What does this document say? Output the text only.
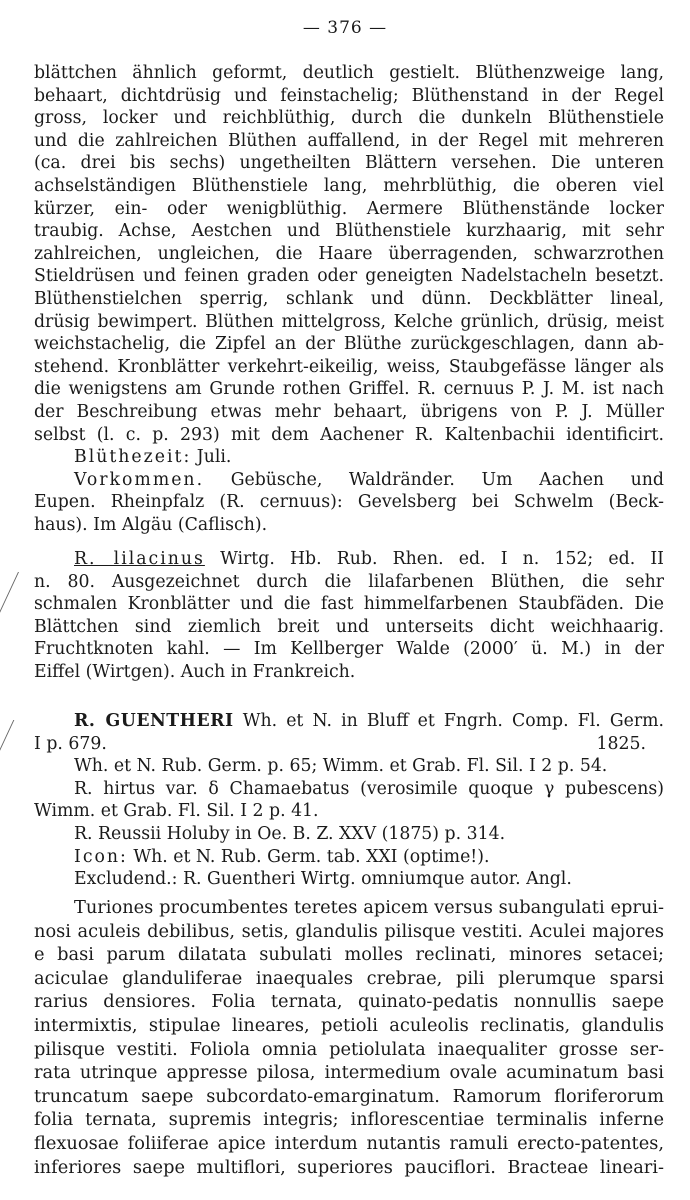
— 376 —
blättchen ähnlich geformt, deutlich gestielt. Blüthenzweige lang,
behaart, dichtdrüsig und feinstachelig; Blüthenstand in der Regel
gross, locker und reichblüthig, durch die dunkeln Blüthenstiele
und die zahlreichen Blüthen auffallend, in der Regel mit mehreren
(ca. drei bis sechs) ungetheilten Blättern versehen. Die unteren
achselständigen Blüthenstiele lang, mehrblüthig, die oberen viel
kürzer, ein- oder wenigblüthig. Aermere Blüthenstände locker
traubig. Achse, Aestchen und Blüthenstiele kurzhaarig, mit sehr
zahlreichen, ungleichen, die Haare überragenden, schwarzrothen
Stieldrüsen und feinen graden oder geneigten Nadelstacheln besetzt.
Blüthenstielchen sperrig, schlank und dünn. Deckblätter lineal,
drüsig bewimpert. Blüthen mittelgross, Kelche grünlich, drüsig, meist
weichstachelig, die Zipfel an der Blüthe zurückgeschlagen, dann ab-
stehend. Kronblätter verkehrt-eikeilig, weiss, Staubgefässe länger als
die wenigstens am Grunde rothen Griffel. R. cernuus P. J. M. ist nach
der Beschreibung etwas mehr behaart, übrigens von P. J. Müller
selbst (l. c. p. 293) mit dem Aachener R. Kaltenbachii identificirt.
Blüthezeit: Juli.
Vorkommen. Gebüsche, Waldränder. Um Aachen und
Eupen. Rheinpfalz (R. cernuus): Gevelsberg bei Schwelm (Beck-
haus). Im Algäu (Caflisch).
R. lilacinus Wirtg. Hb. Rub. Rhen. ed. I n. 152; ed. II
n. 80. Ausgezeichnet durch die lilafarbenen Blüthen, die sehr
schmalen Kronblätter und die fast himmelfarbenen Staubfäden. Die
Blättchen sind ziemlich breit und unterseits dicht weichhaarig.
Fruchtknoten kahl. — Im Kellberger Walde (2000′ ü. M.) in der
Eiffel (Wirtgen). Auch in Frankreich.
R. GUENTHERI Wh. et N. in Bluff et Fngrh. Comp. Fl. Germ.
I p. 679.	1825.
Wh. et N. Rub. Germ. p. 65; Wimm. et Grab. Fl. Sil. I 2 p. 54.
R. hirtus var. δ Chamaebatus (verosimile quoque γ pubescens)
Wimm. et Grab. Fl. Sil. I 2 p. 41.
R. Reussii Holuby in Oe. B. Z. XXV (1875) p. 314.
Icon: Wh. et N. Rub. Germ. tab. XXI (optime!).
Excludend.: R. Guentheri Wirtg. omniumque autor. Angl.
Turiones procumbentes teretes apicem versus subangulati eprui-
nosi aculeis debilibus, setis, glandulis pilisque vestiti. Aculei majores
e basi parum dilatata subulati molles reclinati, minores setacei;
aciculae glanduliferae inaequales crebrae, pili plerumque sparsi
rarius densiores. Folia ternata, quinato-pedatis nonnullis saepe
intermixtis, stipulae lineares, petioli aculeolis reclinatis, glandulis
pilisque vestiti. Foliola omnia petiolulata inaequaliter grosse ser-
rata utrinque appresse pilosa, intermedium ovale acuminatum basi
truncatum saepe subcordato-emarginatum. Ramorum floriferorum
folia ternata, supremis integris; inflorescentiae terminalis inferne
flexuosae foliiferae apice interdum nutantis ramuli erecto-patentes,
inferiores saepe multiflori, superiores pauciflori. Bracteae lineari-
